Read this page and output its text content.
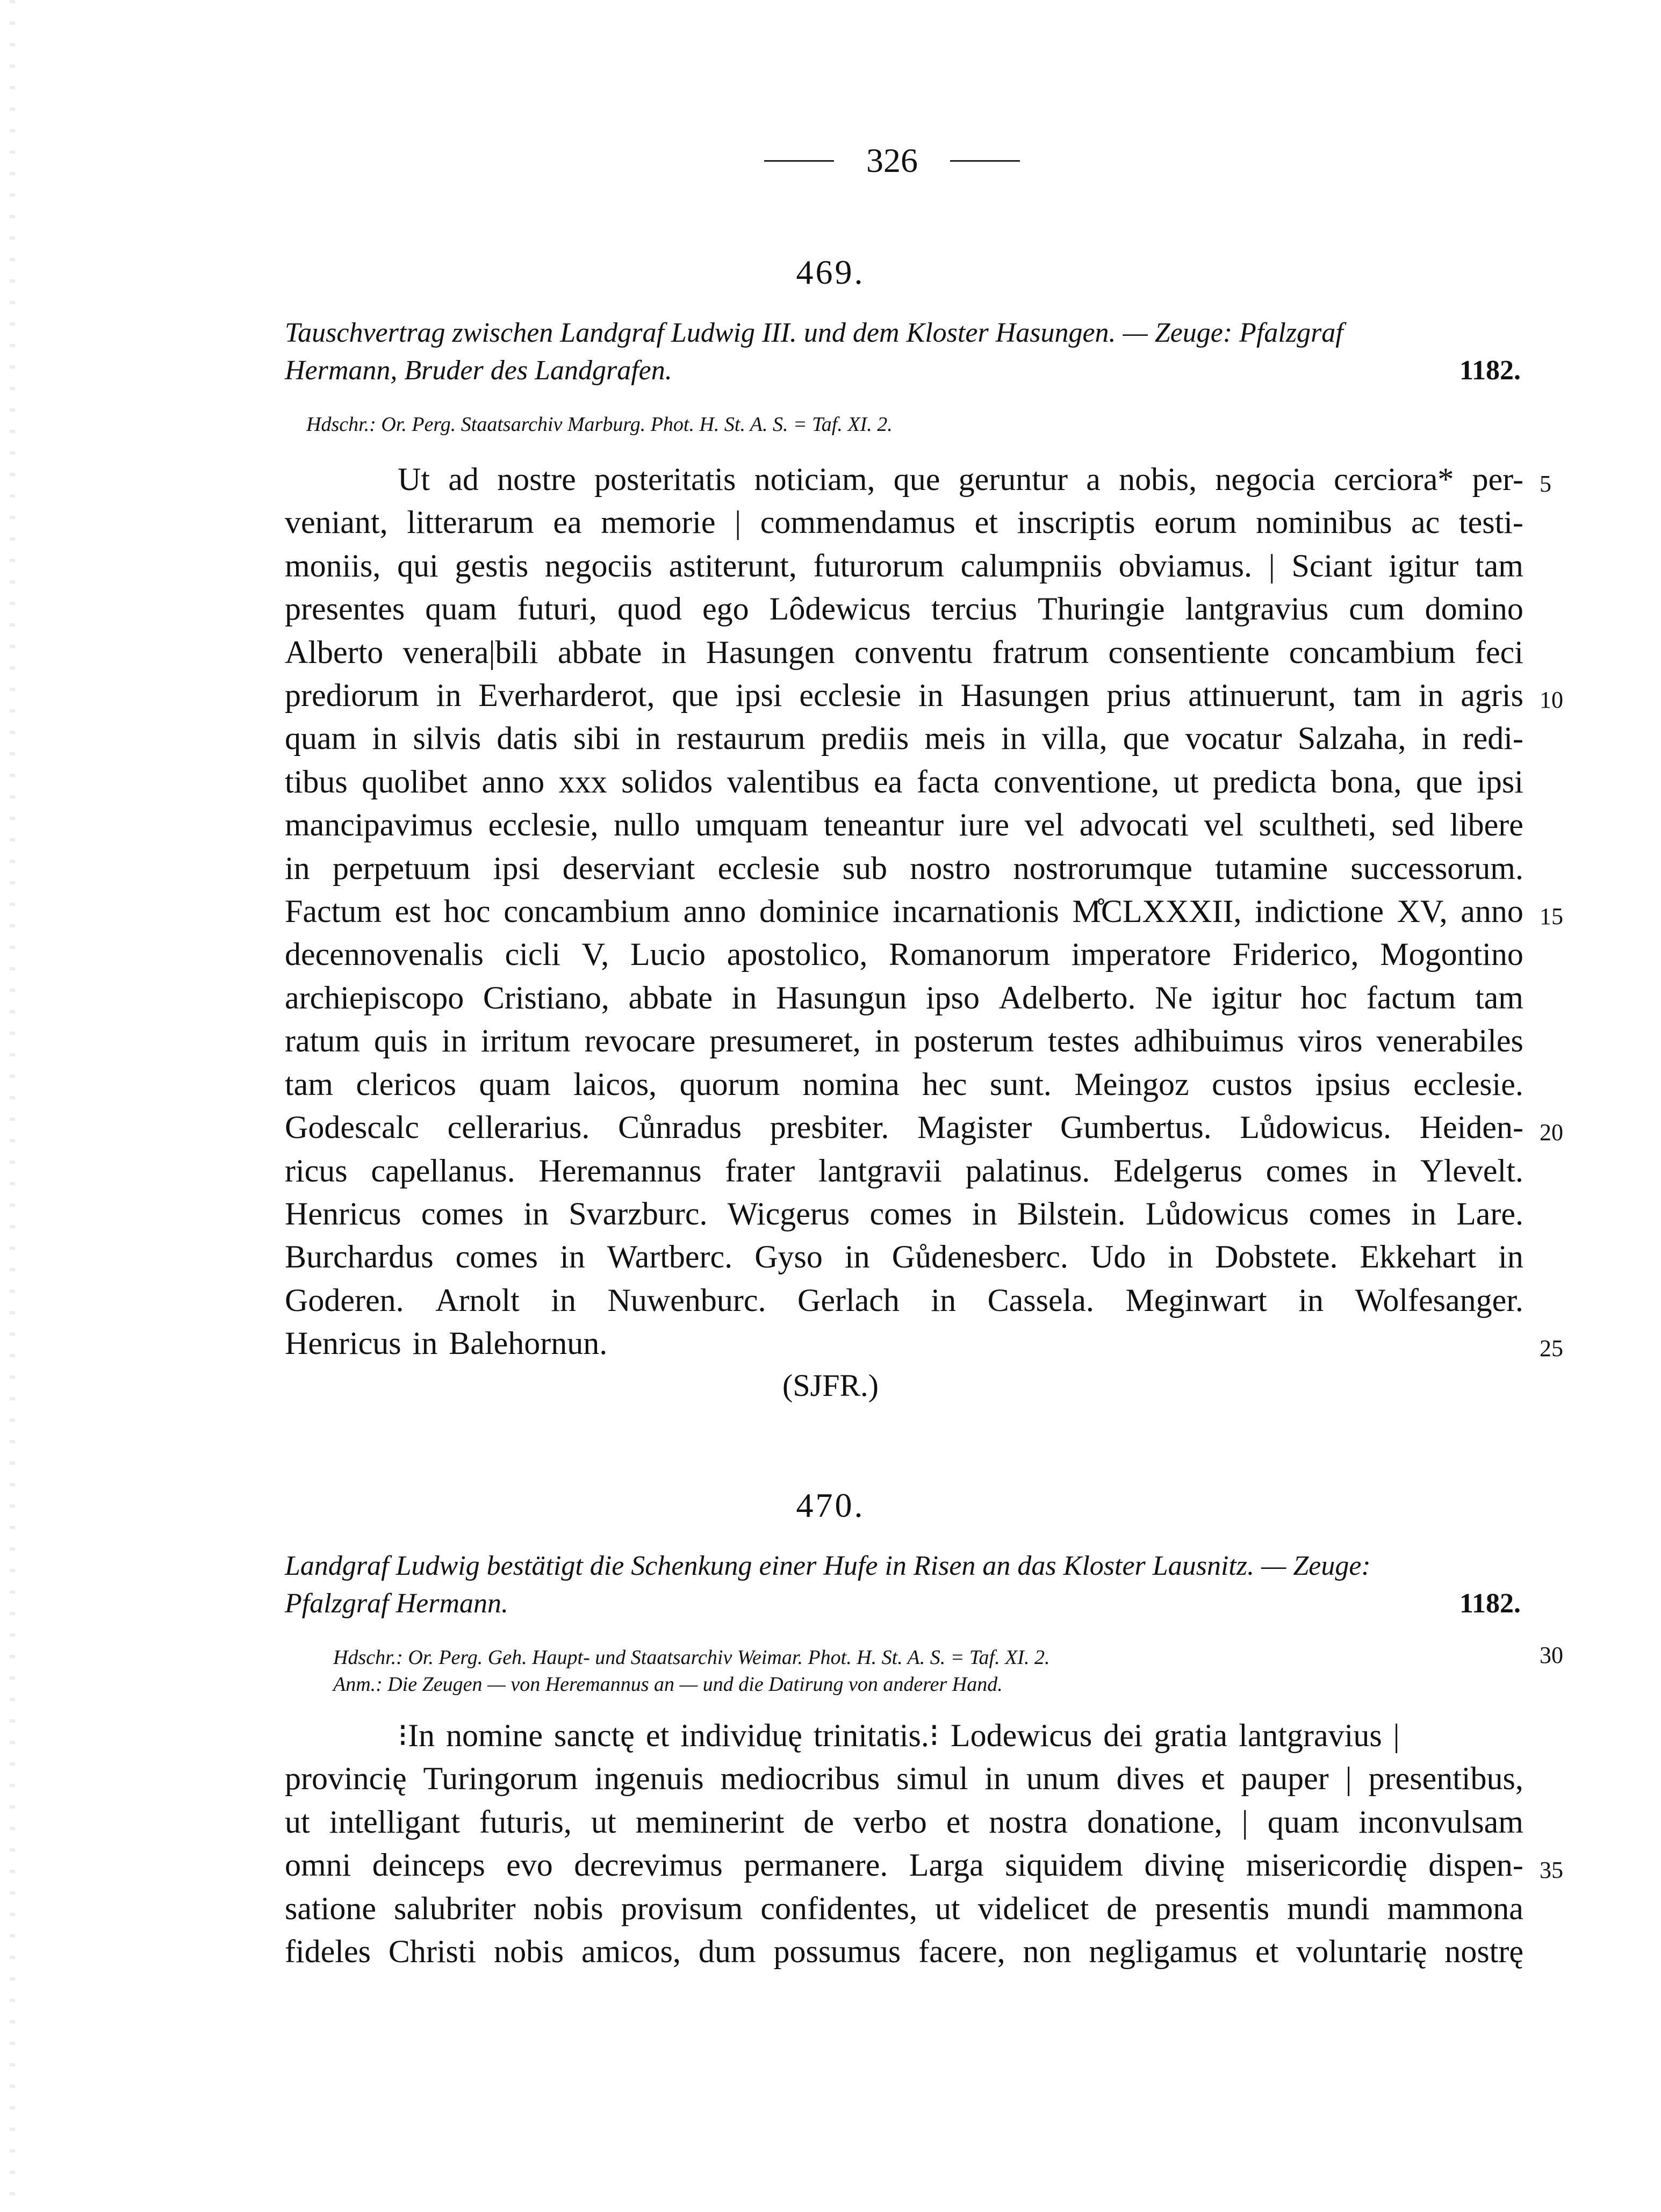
326
469.
Tauschvertrag zwischen Landgraf Ludwig III. und dem Kloster Hasungen. — Zeuge: Pfalzgraf
Hermann, Bruder des Landgrafen.	1182.
Hdschr.: Or. Perg. Staatsarchiv Marburg. Phot. H. St. A. S. = Taf. XI. 2.
Ut ad nostre posteritatis noticiam, que geruntur a nobis, negocia cerciora* per-
veniant, litterarum ea memorie | commendamus et inscriptis eorum nominibus ac testi-
moniis, qui gestis negociis astiterunt, futurorum calumpniis obviamus. | Sciant igitur tam
presentes quam futuri, quod ego Lôdewicus tercius Thuringie lantgravius cum domino
Alberto venera|bili abbate in Hasungen conventu fratrum consentiente concambium feci
prediorum in Everharderot, que ipsi ecclesie in Hasungen prius attinuerunt, tam in agris
quam in silvis datis sibi in restaurum prediis meis in villa, que vocatur Salzaha, in redi-
tibus quolibet anno xxx solidos valentibus ea facta conventione, ut predicta bona, que ipsi
mancipavimus ecclesie, nullo umquam teneantur iure vel advocati vel scultheti, sed libere
in perpetuum ipsi deserviant ecclesie sub nostro nostrorumque tutamine successorum.
Factum est hoc concambium anno dominice incarnationis M̊CLXXXII, indictione XV, anno
decennovenalis cicli V, Lucio apostolico, Romanorum imperatore Friderico, Mogontino
archiepiscopo Cristiano, abbate in Hasungun ipso Adelberto. Ne igitur hoc factum tam
ratum quis in irritum revocare presumeret, in posterum testes adhibuimus viros venerabiles
tam clericos quam laicos, quorum nomina hec sunt. Meingoz custos ipsius ecclesie.
Godescalc cellerarius. Cůnradus presbiter. Magister Gumbertus. Lůdowicus. Heiden-
ricus capellanus. Heremannus frater lantgravii palatinus. Edelgerus comes in Ylevelt.
Henricus comes in Svarzburc. Wicgerus comes in Bilstein. Lůdowicus comes in Lare.
Burchardus comes in Wartberc. Gyso in Gůdenesberc. Udo in Dobstete. Ekkehart in
Goderen. Arnolt in Nuwenburc. Gerlach in Cassela. Meginwart in Wolfesanger.
Henricus in Balehornun.
(SJFR.)
470.
Landgraf Ludwig bestätigt die Schenkung einer Hufe in Risen an das Kloster Lausnitz. — Zeuge:
Pfalzgraf Hermann.	1182.
Hdschr.: Or. Perg. Geh. Haupt- und Staatsarchiv Weimar. Phot. H. St. A. S. = Taf. XI. 2.
Anm.: Die Zeugen — von Heremannus an — und die Datirung von anderer Hand.
⁝In nomine sanctę et individuę trinitatis.⁝ Lodewicus dei gratia lantgravius |
provincię Turingorum ingenuis mediocribus simul in unum dives et pauper | presentibus,
ut intelligant futuris, ut meminerint de verbo et nostra donatione, | quam inconvulsam
omni deinceps evo decrevimus permanere. Larga siquidem divinę misericordię dispen-
satione salubriter nobis provisum confidentes, ut videlicet de presentis mundi mammona
fideles Christi nobis amicos, dum possumus facere, non negligamus et voluntarię nostrę
5
10
15
20
25
30
35
